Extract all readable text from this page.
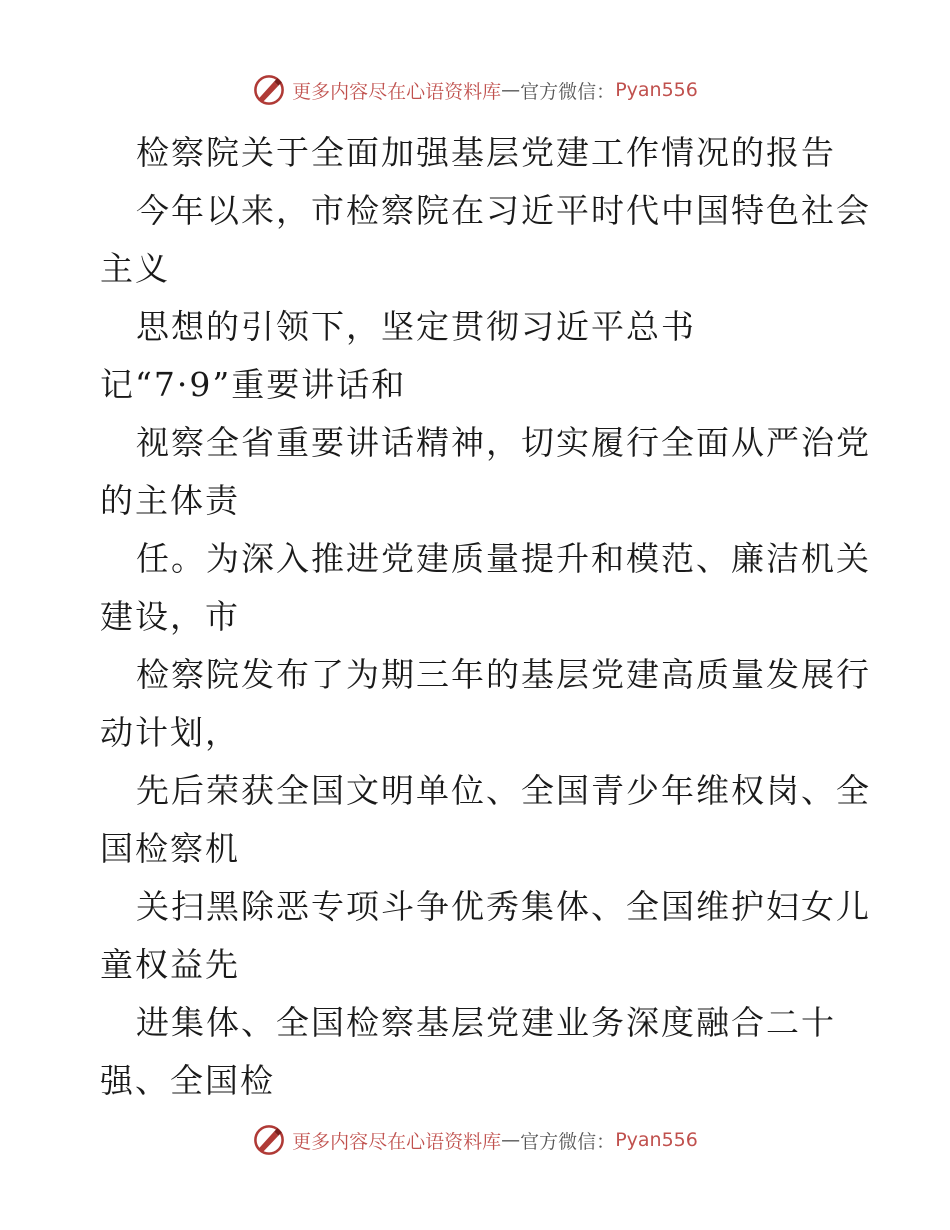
更多内容尽在心语资料库 — 官方微信： Pyan556
检察院关于全面加强基层党建工作情况的报告
今年以来，市检察院在习近平时代中国特色社会
主义
思想的引领下，坚定贯彻习近平总书
记“7·9”重要讲话和
视察全省重要讲话精神，切实履行全面从严治党
的主体责
任。为深入推进党建质量提升和模范、廉洁机关
建设，市
检察院发布了为期三年的基层党建高质量发展行
动计划，
先后荣获全国文明单位、全国青少年维权岗、全
国检察机
关扫黑除恶专项斗争优秀集体、全国维护妇女儿
童权益先
进集体、全国检察基层党建业务深度融合二十
强、全国检
更多内容尽在心语资料库 — 官方微信： Pyan556
